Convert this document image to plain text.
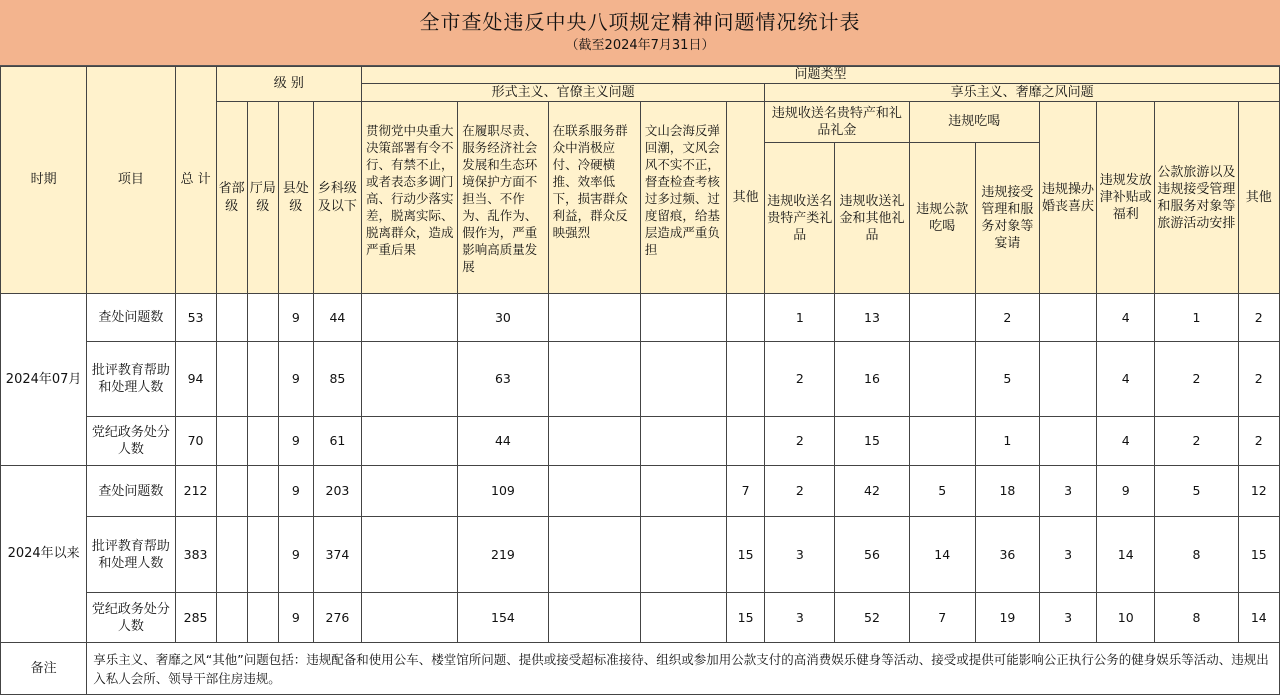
全市查处违反中央八项规定精神问题情况统计表
（截至2024年7月31日）
时期	项目	总 计	级 别				问题类型												
							形式主义、官僚主义问题					享乐主义、奢靡之风问题							
			省部级	厅局级	县处级	乡科级及以下	贯彻党中央重大决策部署有令不行、有禁不止，或者表态多调门高、行动少落实差，脱离实际、脱离群众，造成严重后果	在履职尽责、服务经济社会发展和生态环境保护方面不担当、不作为、乱作为、假作为，严重影响高质量发展	在联系服务群众中消极应付、冷硬横推、效率低下，损害群众利益，群众反映强烈	文山会海反弹回潮，文风会风不实不正，督查检查考核过多过频、过度留痕，给基层造成严重负担	其他	违规收送名贵特产和礼品礼金		违规吃喝		违规操办婚丧喜庆	违规发放津补贴或福利	公款旅游以及违规接受管理和服务对象等旅游活动安排	其他
												违规收送名贵特产类礼品	违规收送礼金和其他礼品	违规公款吃喝	违规接受管理和服务对象等宴请				
2024年07月	查处问题数	53			9	44		30				1	13		2		4	1	2
	批评教育帮助和处理人数	94			9	85		63				2	16		5		4	2	2
	党纪政务处分人数	70			9	61		44				2	15		1		4	2	2
2024年以来	查处问题数	212			9	203		109			7	2	42	5	18	3	9	5	12
	批评教育帮助和处理人数	383			9	374		219			15	3	56	14	36	3	14	8	15
	党纪政务处分人数	285			9	276		154			15	3	52	7	19	3	10	8	14
备注	享乐主义、奢靡之风“其他”问题包括：违规配备和使用公车、楼堂馆所问题、提供或接受超标准接待、组织或参加用公款支付的高消费娱乐健身等活动、接受或提供可能影响公正执行公务的健身娱乐等活动、违规出入私人会所、领导干部住房违规。																		
